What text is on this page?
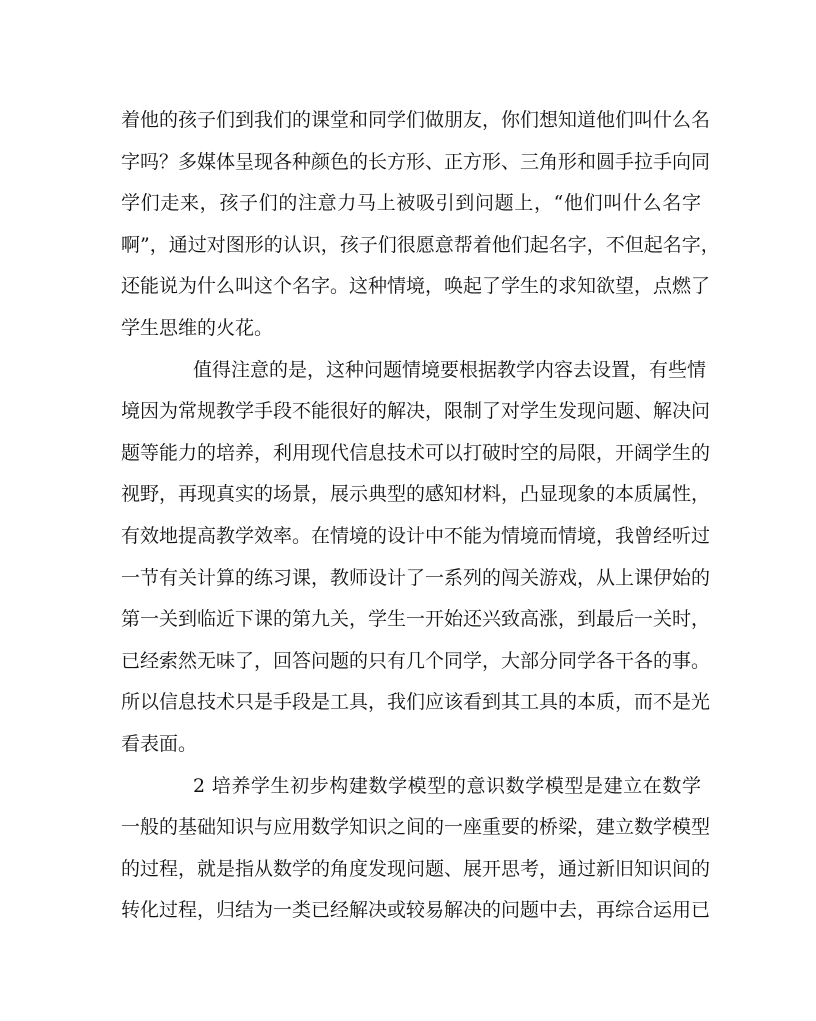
着他的孩子们到我们的课堂和同学们做朋友，你们想知道他们叫什么名
字吗？多媒体呈现各种颜色的长方形、正方形、三角形和圆手拉手向同
学们走来，孩子们的注意力马上被吸引到问题上，“他们叫什么名字
啊”，通过对图形的认识，孩子们很愿意帮着他们起名字，不但起名字，
还能说为什么叫这个名字。这种情境，唤起了学生的求知欲望，点燃了
学生思维的火花。
值得注意的是，这种问题情境要根据教学内容去设置，有些情
境因为常规教学手段不能很好的解决，限制了对学生发现问题、解决问
题等能力的培养，利用现代信息技术可以打破时空的局限，开阔学生的
视野，再现真实的场景，展示典型的感知材料，凸显现象的本质属性，
有效地提高教学效率。在情境的设计中不能为情境而情境，我曾经听过
一节有关计算的练习课，教师设计了一系列的闯关游戏，从上课伊始的
第一关到临近下课的第九关，学生一开始还兴致高涨，到最后一关时，
已经索然无味了，回答问题的只有几个同学，大部分同学各干各的事。
所以信息技术只是手段是工具，我们应该看到其工具的本质，而不是光
看表面。
2 培养学生初步构建数学模型的意识数学模型是建立在数学
一般的基础知识与应用数学知识之间的一座重要的桥梁，建立数学模型
的过程，就是指从数学的角度发现问题、展开思考，通过新旧知识间的
转化过程，归结为一类已经解决或较易解决的问题中去，再综合运用已
